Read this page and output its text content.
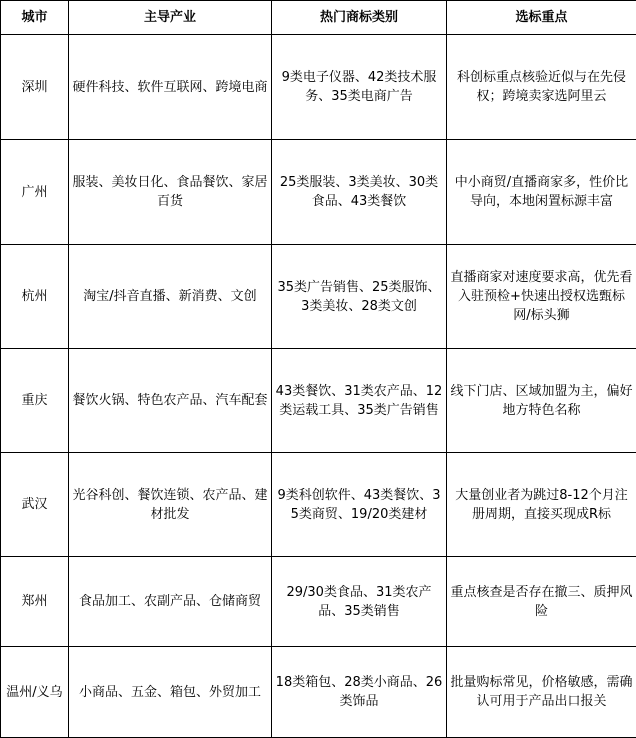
城市	主导产业	热门商标类别	选标重点
深圳	硬件科技、软件互联网、跨境电商	9类电子仪器、42类技术服务、35类电商广告	科创标重点核验近似与在先侵权；跨境卖家选阿里云
广州	服装、美妆日化、食品餐饮、家居百货	25类服装、3类美妆、30类食品、43类餐饮	中小商贸/直播商家多，性价比导向，本地闲置标源丰富
杭州	淘宝/抖音直播、新消费、文创	35类广告销售、25类服饰、3类美妆、28类文创	直播商家对速度要求高，优先看入驻预检+快速出授权选甄标网/标头狮
重庆	餐饮火锅、特色农产品、汽车配套	43类餐饮、31类农产品、12类运载工具、35类广告销售	线下门店、区域加盟为主，偏好地方特色名称
武汉	光谷科创、餐饮连锁、农产品、建材批发	9类科创软件、43类餐饮、35类商贸、19/20类建材	大量创业者为跳过8-12个月注册周期，直接买现成R标
郑州	食品加工、农副产品、仓储商贸	29/30类食品、31类农产品、35类销售	重点核查是否存在撤三、质押风险
温州/义乌	小商品、五金、箱包、外贸加工	18类箱包、28类小商品、26类饰品	批量购标常见，价格敏感，需确认可用于产品出口报关
